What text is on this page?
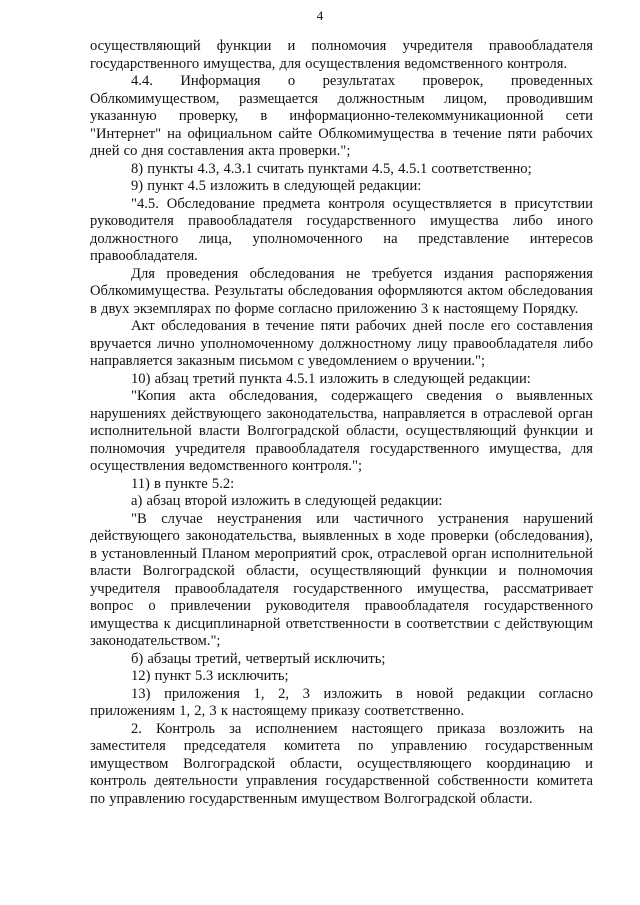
4

осуществляющий функции и полномочия учредителя правообладателя государственного имущества, для осуществления ведомственного контроля.

4.4. Информация о результатах проверок, проведенных Облкомимуществом, размещается должностным лицом, проводившим указанную проверку, в информационно-телекоммуникационной сети "Интернет" на официальном сайте Облкомимущества в течение пяти рабочих дней со дня составления акта проверки.";

8) пункты 4.3, 4.3.1 считать пунктами 4.5, 4.5.1 соответственно;

9) пункт 4.5 изложить в следующей редакции:

"4.5. Обследование предмета контроля осуществляется в присутствии руководителя правообладателя государственного имущества либо иного должностного лица, уполномоченного на представление интересов правообладателя.

Для проведения обследования не требуется издания распоряжения Облкомимущества. Результаты обследования оформляются актом обследования в двух экземплярах по форме согласно приложению 3 к настоящему Порядку.

Акт обследования в течение пяти рабочих дней после его составления вручается лично уполномоченному должностному лицу правообладателя либо направляется заказным письмом с уведомлением о вручении.";

10) абзац третий пункта 4.5.1 изложить в следующей редакции:

"Копия акта обследования, содержащего сведения о выявленных нарушениях действующего законодательства, направляется в отраслевой орган исполнительной власти Волгоградской области, осуществляющий функции и полномочия учредителя правообладателя государственного имущества, для осуществления ведомственного контроля.";

11) в пункте 5.2:

а) абзац второй изложить в следующей редакции:

"В случае неустранения или частичного устранения нарушений действующего законодательства, выявленных в ходе проверки (обследования), в установленный Планом мероприятий срок, отраслевой орган исполнительной власти Волгоградской области, осуществляющий функции и полномочия учредителя правообладателя государственного имущества, рассматривает вопрос о привлечении руководителя правообладателя государственного имущества к дисциплинарной ответственности в соответствии с действующим законодательством.";

б) абзацы третий, четвертый исключить;

12) пункт 5.3 исключить;

13) приложения 1, 2, 3 изложить в новой редакции согласно приложениям 1, 2, 3 к настоящему приказу соответственно.

2. Контроль за исполнением настоящего приказа возложить на заместителя председателя комитета по управлению государственным имуществом Волгоградской области, осуществляющего координацию и контроль деятельности управления государственной собственности комитета по управлению государственным имуществом Волгоградской области.
